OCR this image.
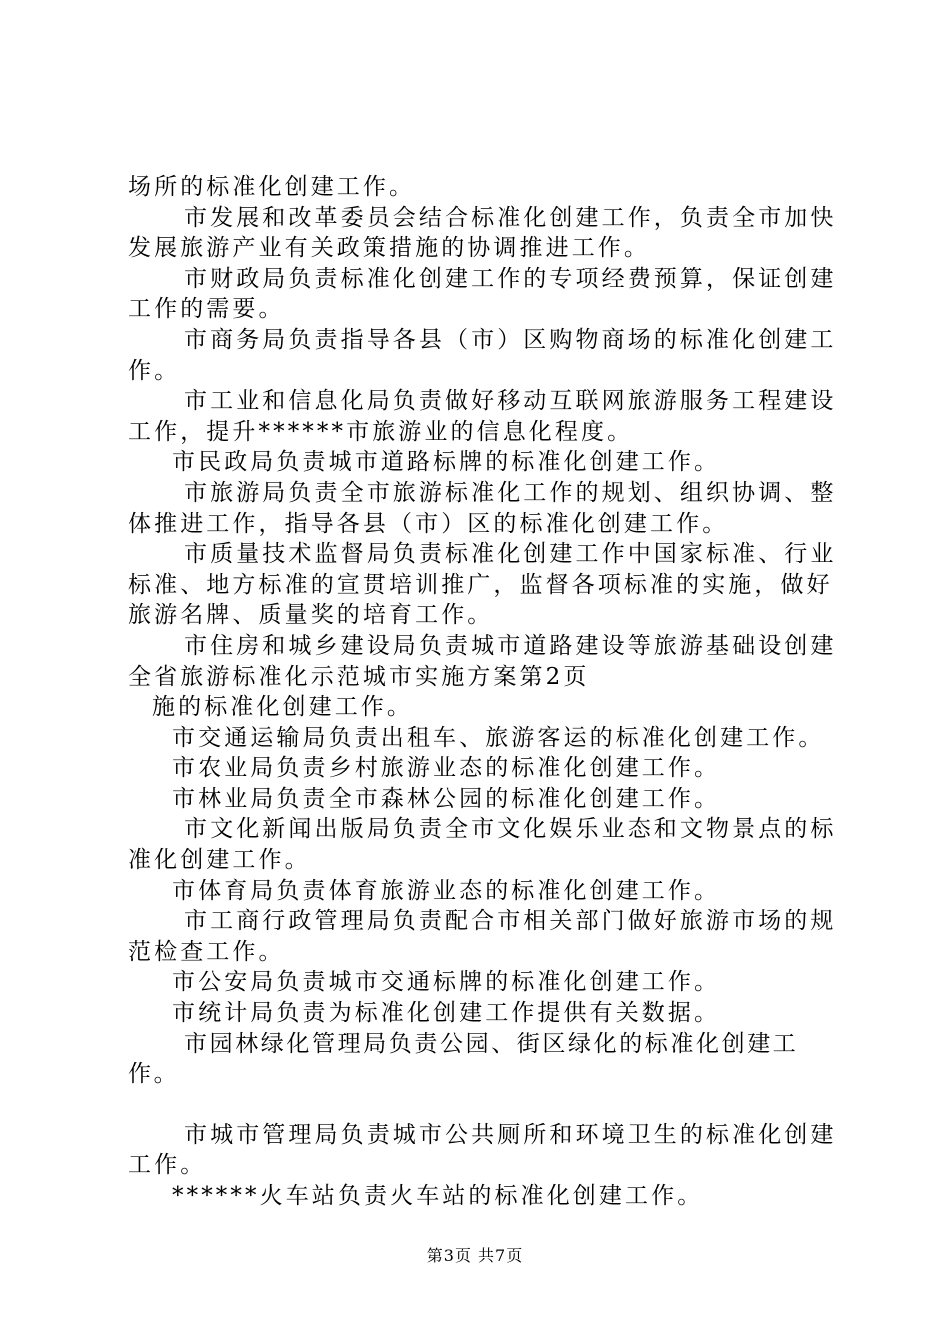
场所的标准化创建工作。

市发展和改革委员会结合标准化创建工作，负责全市加快发展旅游产业有关政策措施的协调推进工作。

市财政局负责标准化创建工作的专项经费预算，保证创建工作的需要。

市商务局负责指导各县（市）区购物商场的标准化创建工作。

市工业和信息化局负责做好移动互联网旅游服务工程建设工作，提升******市旅游业的信息化程度。

市民政局负责城市道路标牌的标准化创建工作。

市旅游局负责全市旅游标准化工作的规划、组织协调、整体推进工作，指导各县（市）区的标准化创建工作。

市质量技术监督局负责标准化创建工作中国家标准、行业标准、地方标准的宣贯培训推广，监督各项标准的实施，做好旅游名牌、质量奖的培育工作。

市住房和城乡建设局负责城市道路建设等旅游基础设创建全省旅游标准化示范城市实施方案第2页

施的标准化创建工作。

市交通运输局负责出租车、旅游客运的标准化创建工作。

市农业局负责乡村旅游业态的标准化创建工作。

市林业局负责全市森林公园的标准化创建工作。

市文化新闻出版局负责全市文化娱乐业态和文物景点的标准化创建工作。

市体育局负责体育旅游业态的标准化创建工作。

市工商行政管理局负责配合市相关部门做好旅游市场的规范检查工作。

市公安局负责城市交通标牌的标准化创建工作。

市统计局负责为标准化创建工作提供有关数据。

市园林绿化管理局负责公园、街区绿化的标准化创建工作。

市城市管理局负责城市公共厕所和环境卫生的标准化创建工作。

******火车站负责火车站的标准化创建工作。

第3页 共7页
